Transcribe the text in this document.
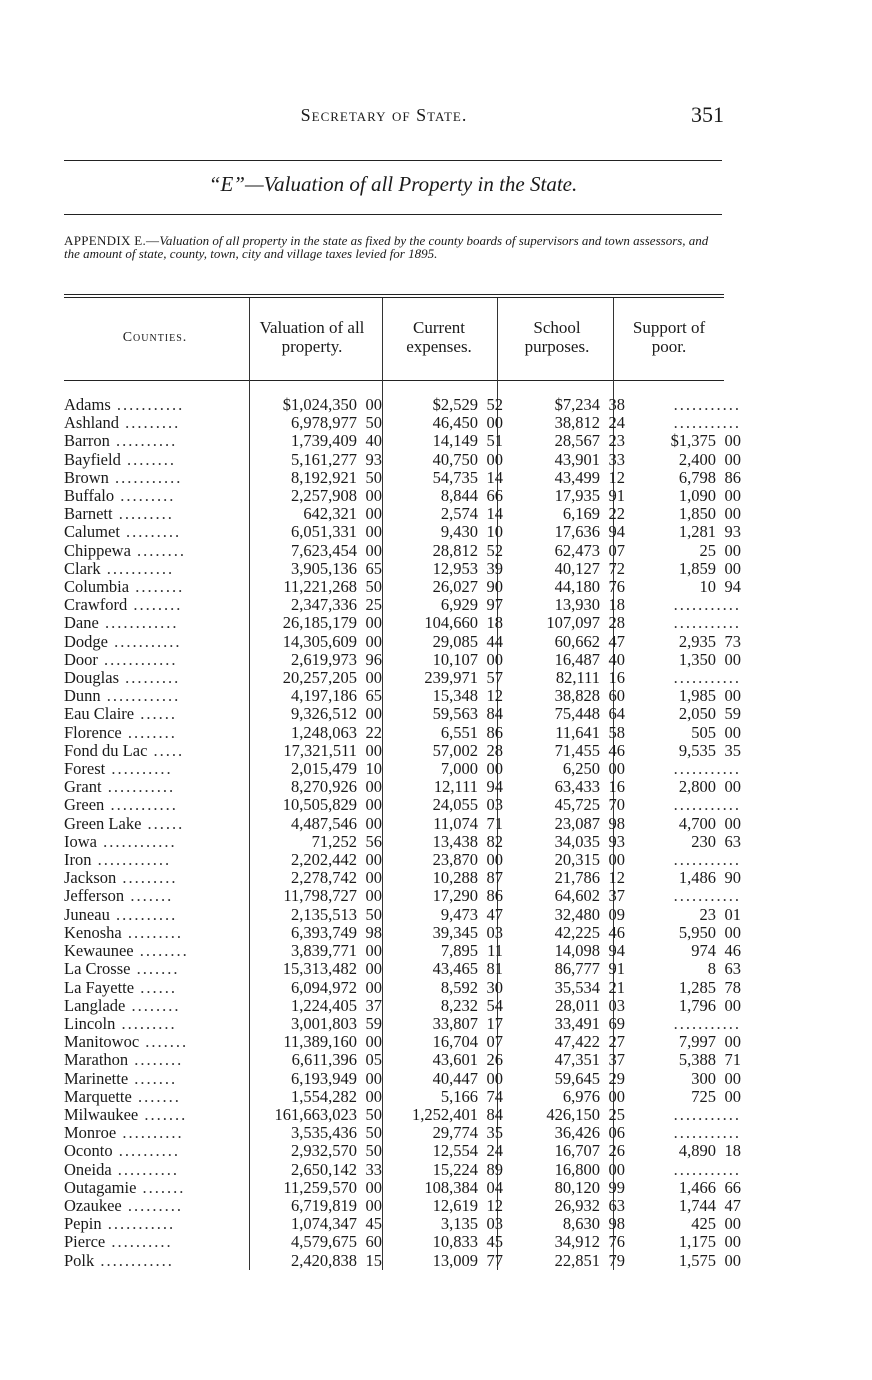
Secretary of State.	351
“E”—Valuation of all Property in the State.
APPENDIX E.—Valuation of all property in the state as fixed by the county boards of supervisors and town assessors, and the amount of state, county, town, city and village taxes levied for 1895.
Counties.
Valuation of all property.
Current expenses.
School purposes.
Support of poor.
Adams ...........	$1,024,350 00	$2,529 52	$7,234 38	...........
Ashland .........	6,978,977 50	46,450 00	38,812 24	...........
Barron ..........	1,739,409 40	14,149 51	28,567 23	$1,375 00
Bayfield ........	5,161,277 93	40,750 00	43,901 33	2,400 00
Brown ...........	8,192,921 50	54,735 14	43,499 12	6,798 86
Buffalo .........	2,257,908 00	8,844 66	17,935 91	1,090 00
Barnett .........	642,321 00	2,574 14	6,169 22	1,850 00
Calumet .........	6,051,331 00	9,430 10	17,636 94	1,281 93
Chippewa ........	7,623,454 00	28,812 52	62,473 07	25 00
Clark ...........	3,905,136 65	12,953 39	40,127 72	1,859 00
Columbia ........	11,221,268 50	26,027 90	44,180 76	10 94
Crawford ........	2,347,336 25	6,929 97	13,930 18	...........
Dane ............	26,185,179 00	104,660 18	107,097 28	...........
Dodge ...........	14,305,609 00	29,085 44	60,662 47	2,935 73
Door ............	2,619,973 96	10,107 00	16,487 40	1,350 00
Douglas .........	20,257,205 00	239,971 57	82,111 16	...........
Dunn ............	4,197,186 65	15,348 12	38,828 60	1,985 00
Eau Claire ......	9,326,512 00	59,563 84	75,448 64	2,050 59
Florence ........	1,248,063 22	6,551 86	11,641 58	505 00
Fond du Lac .....	17,321,511 00	57,002 28	71,455 46	9,535 35
Forest ..........	2,015,479 10	7,000 00	6,250 00	...........
Grant ...........	8,270,926 00	12,111 94	63,433 16	2,800 00
Green ...........	10,505,829 00	24,055 03	45,725 70	...........
Green Lake ......	4,487,546 00	11,074 71	23,087 98	4,700 00
Iowa ............	71,252 56	13,438 82	34,035 93	230 63
Iron ............	2,202,442 00	23,870 00	20,315 00	...........
Jackson .........	2,278,742 00	10,288 87	21,786 12	1,486 90
Jefferson .......	11,798,727 00	17,290 86	64,602 37	...........
Juneau ..........	2,135,513 50	9,473 47	32,480 09	23 01
Kenosha .........	6,393,749 98	39,345 03	42,225 46	5,950 00
Kewaunee ........	3,839,771 00	7,895 11	14,098 94	974 46
La Crosse .......	15,313,482 00	43,465 81	86,777 91	8 63
La Fayette ......	6,094,972 00	8,592 30	35,534 21	1,285 78
Langlade ........	1,224,405 37	8,232 54	28,011 03	1,796 00
Lincoln .........	3,001,803 59	33,807 17	33,491 69	...........
Manitowoc .......	11,389,160 00	16,704 07	47,422 27	7,997 00
Marathon ........	6,611,396 05	43,601 26	47,351 37	5,388 71
Marinette .......	6,193,949 00	40,447 00	59,645 29	300 00
Marquette .......	1,554,282 00	5,166 74	6,976 00	725 00
Milwaukee .......	161,663,023 50	1,252,401 84	426,150 25	...........
Monroe ..........	3,535,436 50	29,774 35	36,426 06	...........
Oconto ..........	2,932,570 50	12,554 24	16,707 26	4,890 18
Oneida ..........	2,650,142 33	15,224 89	16,800 00	...........
Outagamie .......	11,259,570 00	108,384 04	80,120 99	1,466 66
Ozaukee .........	6,719,819 00	12,619 12	26,932 63	1,744 47
Pepin ...........	1,074,347 45	3,135 03	8,630 98	425 00
Pierce ..........	4,579,675 60	10,833 45	34,912 76	1,175 00
Polk ............	2,420,838 15	13,009 77	22,851 79	1,575 00
